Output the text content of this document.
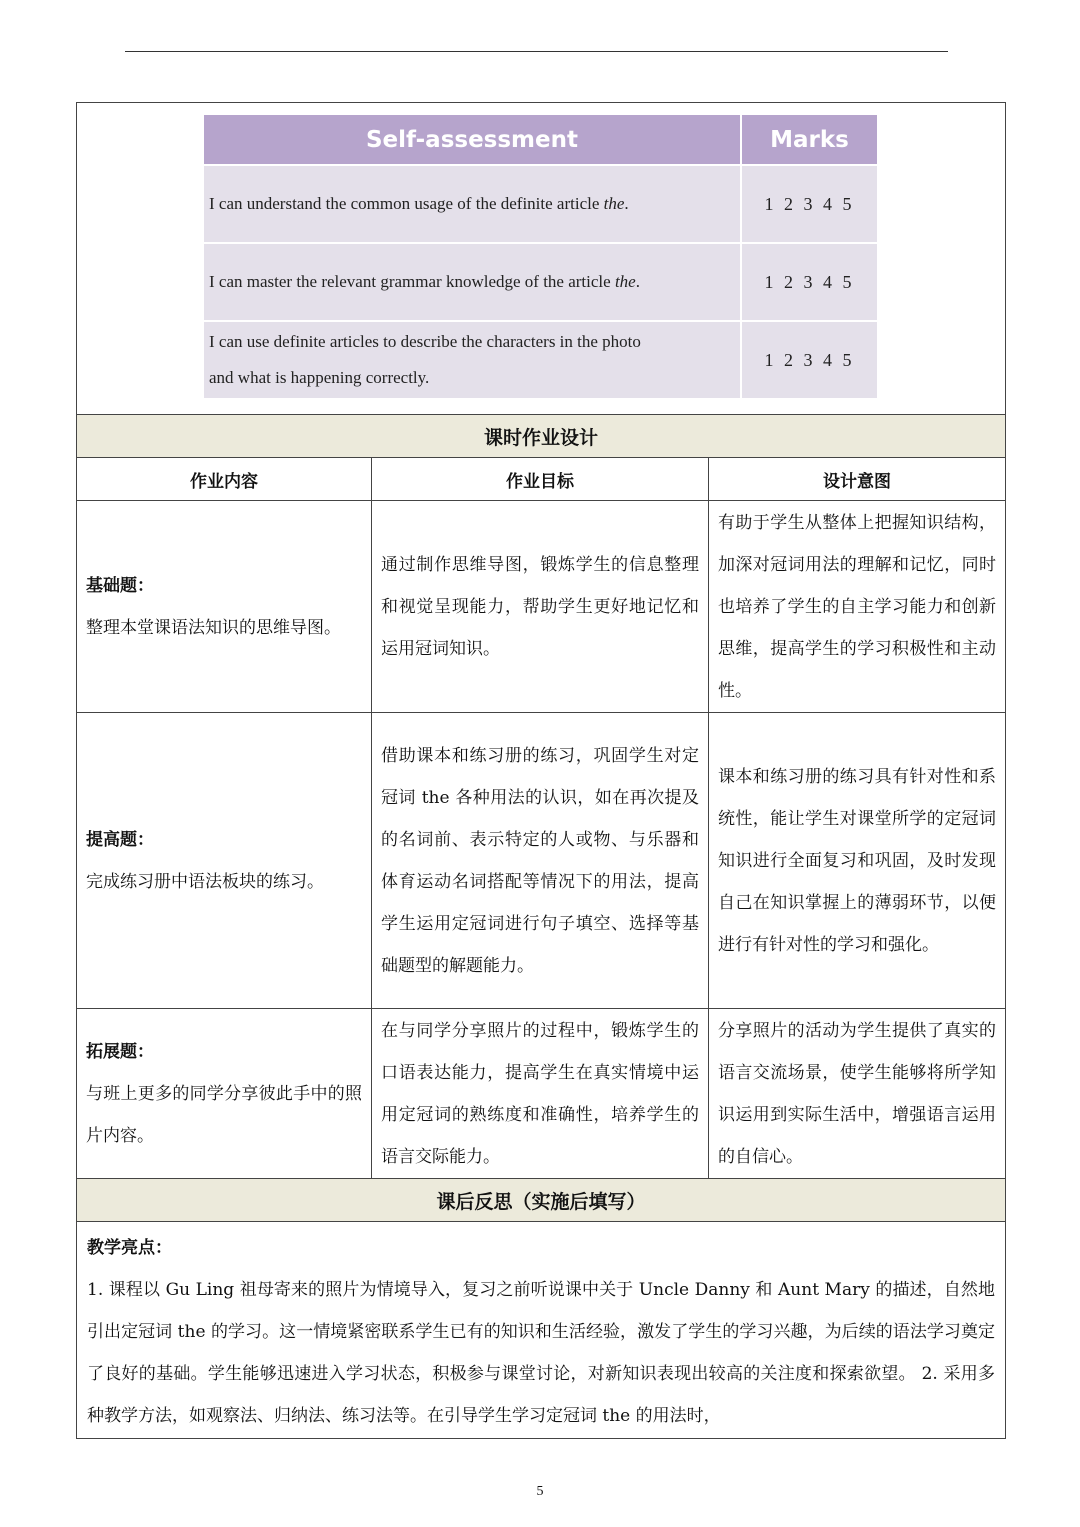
Self-assessment	Marks
I can understand the common usage of the definite article the.	1 2 3 4 5
I can master the relevant grammar knowledge of the article the.	1 2 3 4 5
I can use definite articles to describe the characters in the photo
and what is happening correctly.	1 2 3 4 5

课时作业设计
作业内容	作业目标	设计意图
基础题：
整理本堂课语法知识的思维导图。	通过制作思维导图，锻炼学生的信息整理和视觉呈现能力，帮助学生更好地记忆和运用冠词知识。	有助于学生从整体上把握知识结构，加深对冠词用法的理解和记忆，同时也培养了学生的自主学习能力和创新思维，提高学生的学习积极性和主动性。
提高题：
完成练习册中语法板块的练习。	借助课本和练习册的练习，巩固学生对定冠词 the 各种用法的认识，如在再次提及的名词前、表示特定的人或物、与乐器和体育运动名词搭配等情况下的用法，提高学生运用定冠词进行句子填空、选择等基础题型的解题能力。	课本和练习册的练习具有针对性和系统性，能让学生对课堂所学的定冠词知识进行全面复习和巩固，及时发现自己在知识掌握上的薄弱环节，以便进行有针对性的学习和强化。
拓展题：
与班上更多的同学分享彼此手中的照片内容。	在与同学分享照片的过程中，锻炼学生的口语表达能力，提高学生在真实情境中运用定冠词的熟练度和准确性，培养学生的语言交际能力。	分享照片的活动为学生提供了真实的语言交流场景，使学生能够将所学知识运用到实际生活中，增强语言运用的自信心。
课后反思（实施后填写）
教学亮点：
1. 课程以 Gu Ling 祖母寄来的照片为情境导入，复习之前听说课中关于 Uncle Danny 和 Aunt Mary 的描述，自然地引出定冠词 the 的学习。这一情境紧密联系学生已有的知识和生活经验，激发了学生的学习兴趣，为后续的语法学习奠定了良好的基础。学生能够迅速进入学习状态，积极参与课堂讨论，对新知识表现出较高的关注度和探索欲望。 2. 采用多种教学方法，如观察法、归纳法、练习法等。在引导学生学习定冠词 the 的用法时，
5
